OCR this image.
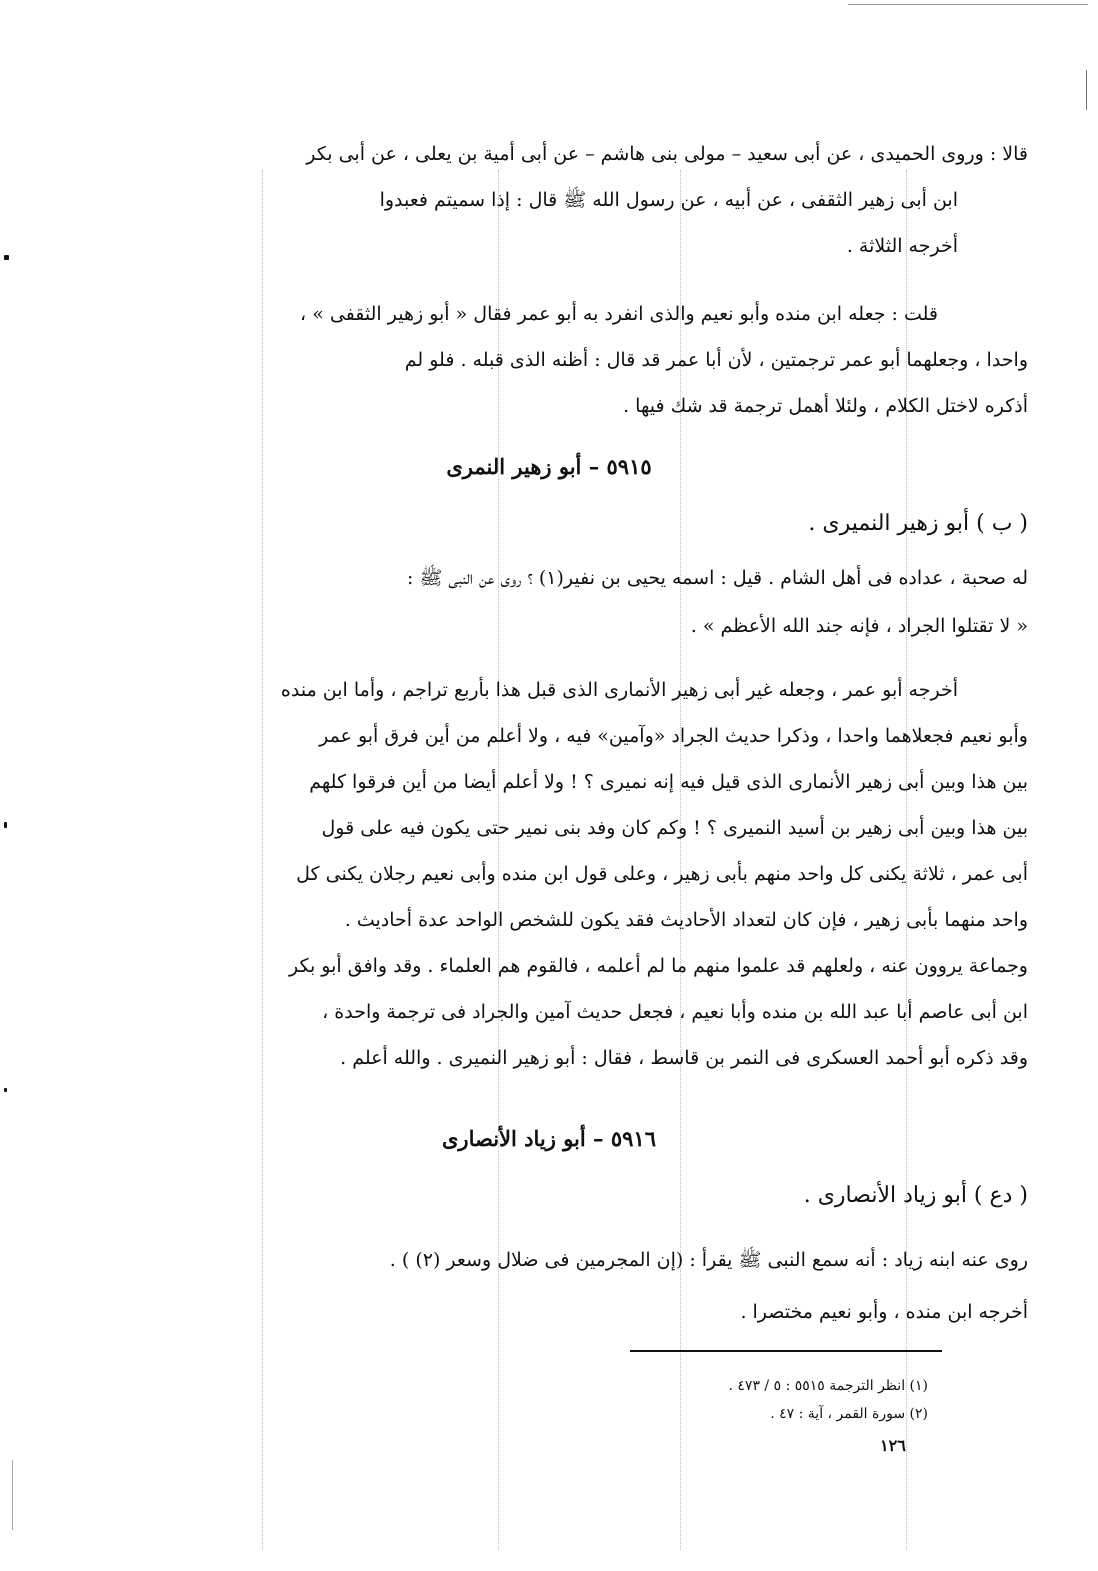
قالا : وروى الحميدى ، عن أبى سعيد – مولى بنى هاشم – عن أبى أمية بن يعلى ، عن أبى بكر
ابن أبى زهير الثقفى ، عن أبيه ، عن رسول الله ﷺ قال : إذا سميتم فعبدوا
أخرجه الثلاثة .
قلت : جعله ابن منده وأبو نعيم والذى انفرد به أبو عمر فقال « أبو زهير الثقفى » ،
واحدا ، وجعلهما أبو عمر ترجمتين ، لأن أبا عمر قد قال : أظنه الذى قبله . فلو لم
أذكره لاختل الكلام ، ولئلا أهمل ترجمة قد شك فيها .
٥٩١٥ – أبو زهير النمرى
( ب ) أبو زهير النميرى .
له صحبة ، عداده فى أهل الشام . قيل : اسمه يحيى بن نفير(١) ؟ روى عن النبى ﷺ :
« لا تقتلوا الجراد ، فإنه جند الله الأعظم » .
أخرجه أبو عمر ، وجعله غير أبى زهير الأنمارى الذى قبل هذا بأربع تراجم ، وأما ابن منده
وأبو نعيم فجعلاهما واحدا ، وذكرا حديث الجراد «وآمين» فيه ، ولا أعلم من أين فرق أبو عمر
بين هذا وبين أبى زهير الأنمارى الذى قيل فيه إنه نميرى ؟ ! ولا أعلم أيضا من أين فرقوا كلهم
بين هذا وبين أبى زهير بن أسيد النميرى ؟ ! وكم كان وفد بنى نمير حتى يكون فيه على قول
أبى عمر ، ثلاثة يكنى كل واحد منهم بأبى زهير ، وعلى قول ابن منده وأبى نعيم رجلان يكنى كل
واحد منهما بأبى زهير ، فإن كان لتعداد الأحاديث فقد يكون للشخص الواحد عدة أحاديث .
وجماعة يروون عنه ، ولعلهم قد علموا منهم ما لم أعلمه ، فالقوم هم العلماء . وقد وافق أبو بكر
ابن أبى عاصم أبا عبد الله بن منده وأبا نعيم ، فجعل حديث آمين والجراد فى ترجمة واحدة ،
وقد ذكره أبو أحمد العسكرى فى النمر بن قاسط ، فقال : أبو زهير النميرى . والله أعلم .
٥٩١٦ – أبو زياد الأنصارى
( دع ) أبو زياد الأنصارى .
روى عنه ابنه زياد : أنه سمع النبى ﷺ يقرأ : (إن المجرمين فى ضلال وسعر (٢) ) .
أخرجه ابن منده ، وأبو نعيم مختصرا .
(١) انظر الترجمة ٥٥١٥ : ٥ / ٤٧٣ .
(٢) سورة القمر ، آية : ٤٧ .
١٢٦
